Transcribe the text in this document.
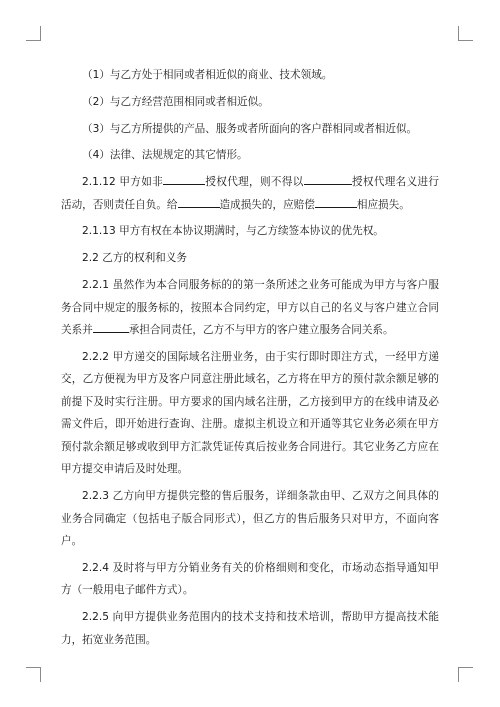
（1）与乙方处于相同或者相近似的商业、技术领域。

（2）与乙方经营范围相同或者相近似。

（3）与乙方所提供的产品、服务或者所面向的客户群相同或者相近似。

（4）法律、法规规定的其它情形。

2.1.12 甲方如非	授权代理，则不得以	授权代理名义进行活动，否则责任自负。给	造成损失的，应赔偿	相应损失。

2.1.13 甲方有权在本协议期满时，与乙方续签本协议的优先权。

2.2 乙方的权利和义务

2.2.1 虽然作为本合同服务标的的第一条所述之业务可能成为甲方与客户服务合同中规定的服务标的，按照本合同约定，甲方以自己的名义与客户建立合同关系并	承担合同责任，乙方不与甲方的客户建立服务合同关系。

2.2.2 甲方递交的国际域名注册业务，由于实行即时即注方式，一经甲方递交，乙方便视为甲方及客户同意注册此域名，乙方将在甲方的预付款余额足够的前提下及时实行注册。甲方要求的国内域名注册，乙方接到甲方的在线申请及必需文件后，即开始进行查询、注册。虚拟主机设立和开通等其它业务必须在甲方预付款余额足够或收到甲方汇款凭证传真后按业务合同进行。其它业务乙方应在甲方提交申请后及时处理。

2.2.3 乙方向甲方提供完整的售后服务，详细条款由甲、乙双方之间具体的业务合同确定（包括电子版合同形式），但乙方的售后服务只对甲方，不面向客户。

2.2.4 及时将与甲方分销业务有关的价格细则和变化，市场动态指导通知甲方（一般用电子邮件方式）。

2.2.5 向甲方提供业务范围内的技术支持和技术培训，帮助甲方提高技术能力，拓宽业务范围。
